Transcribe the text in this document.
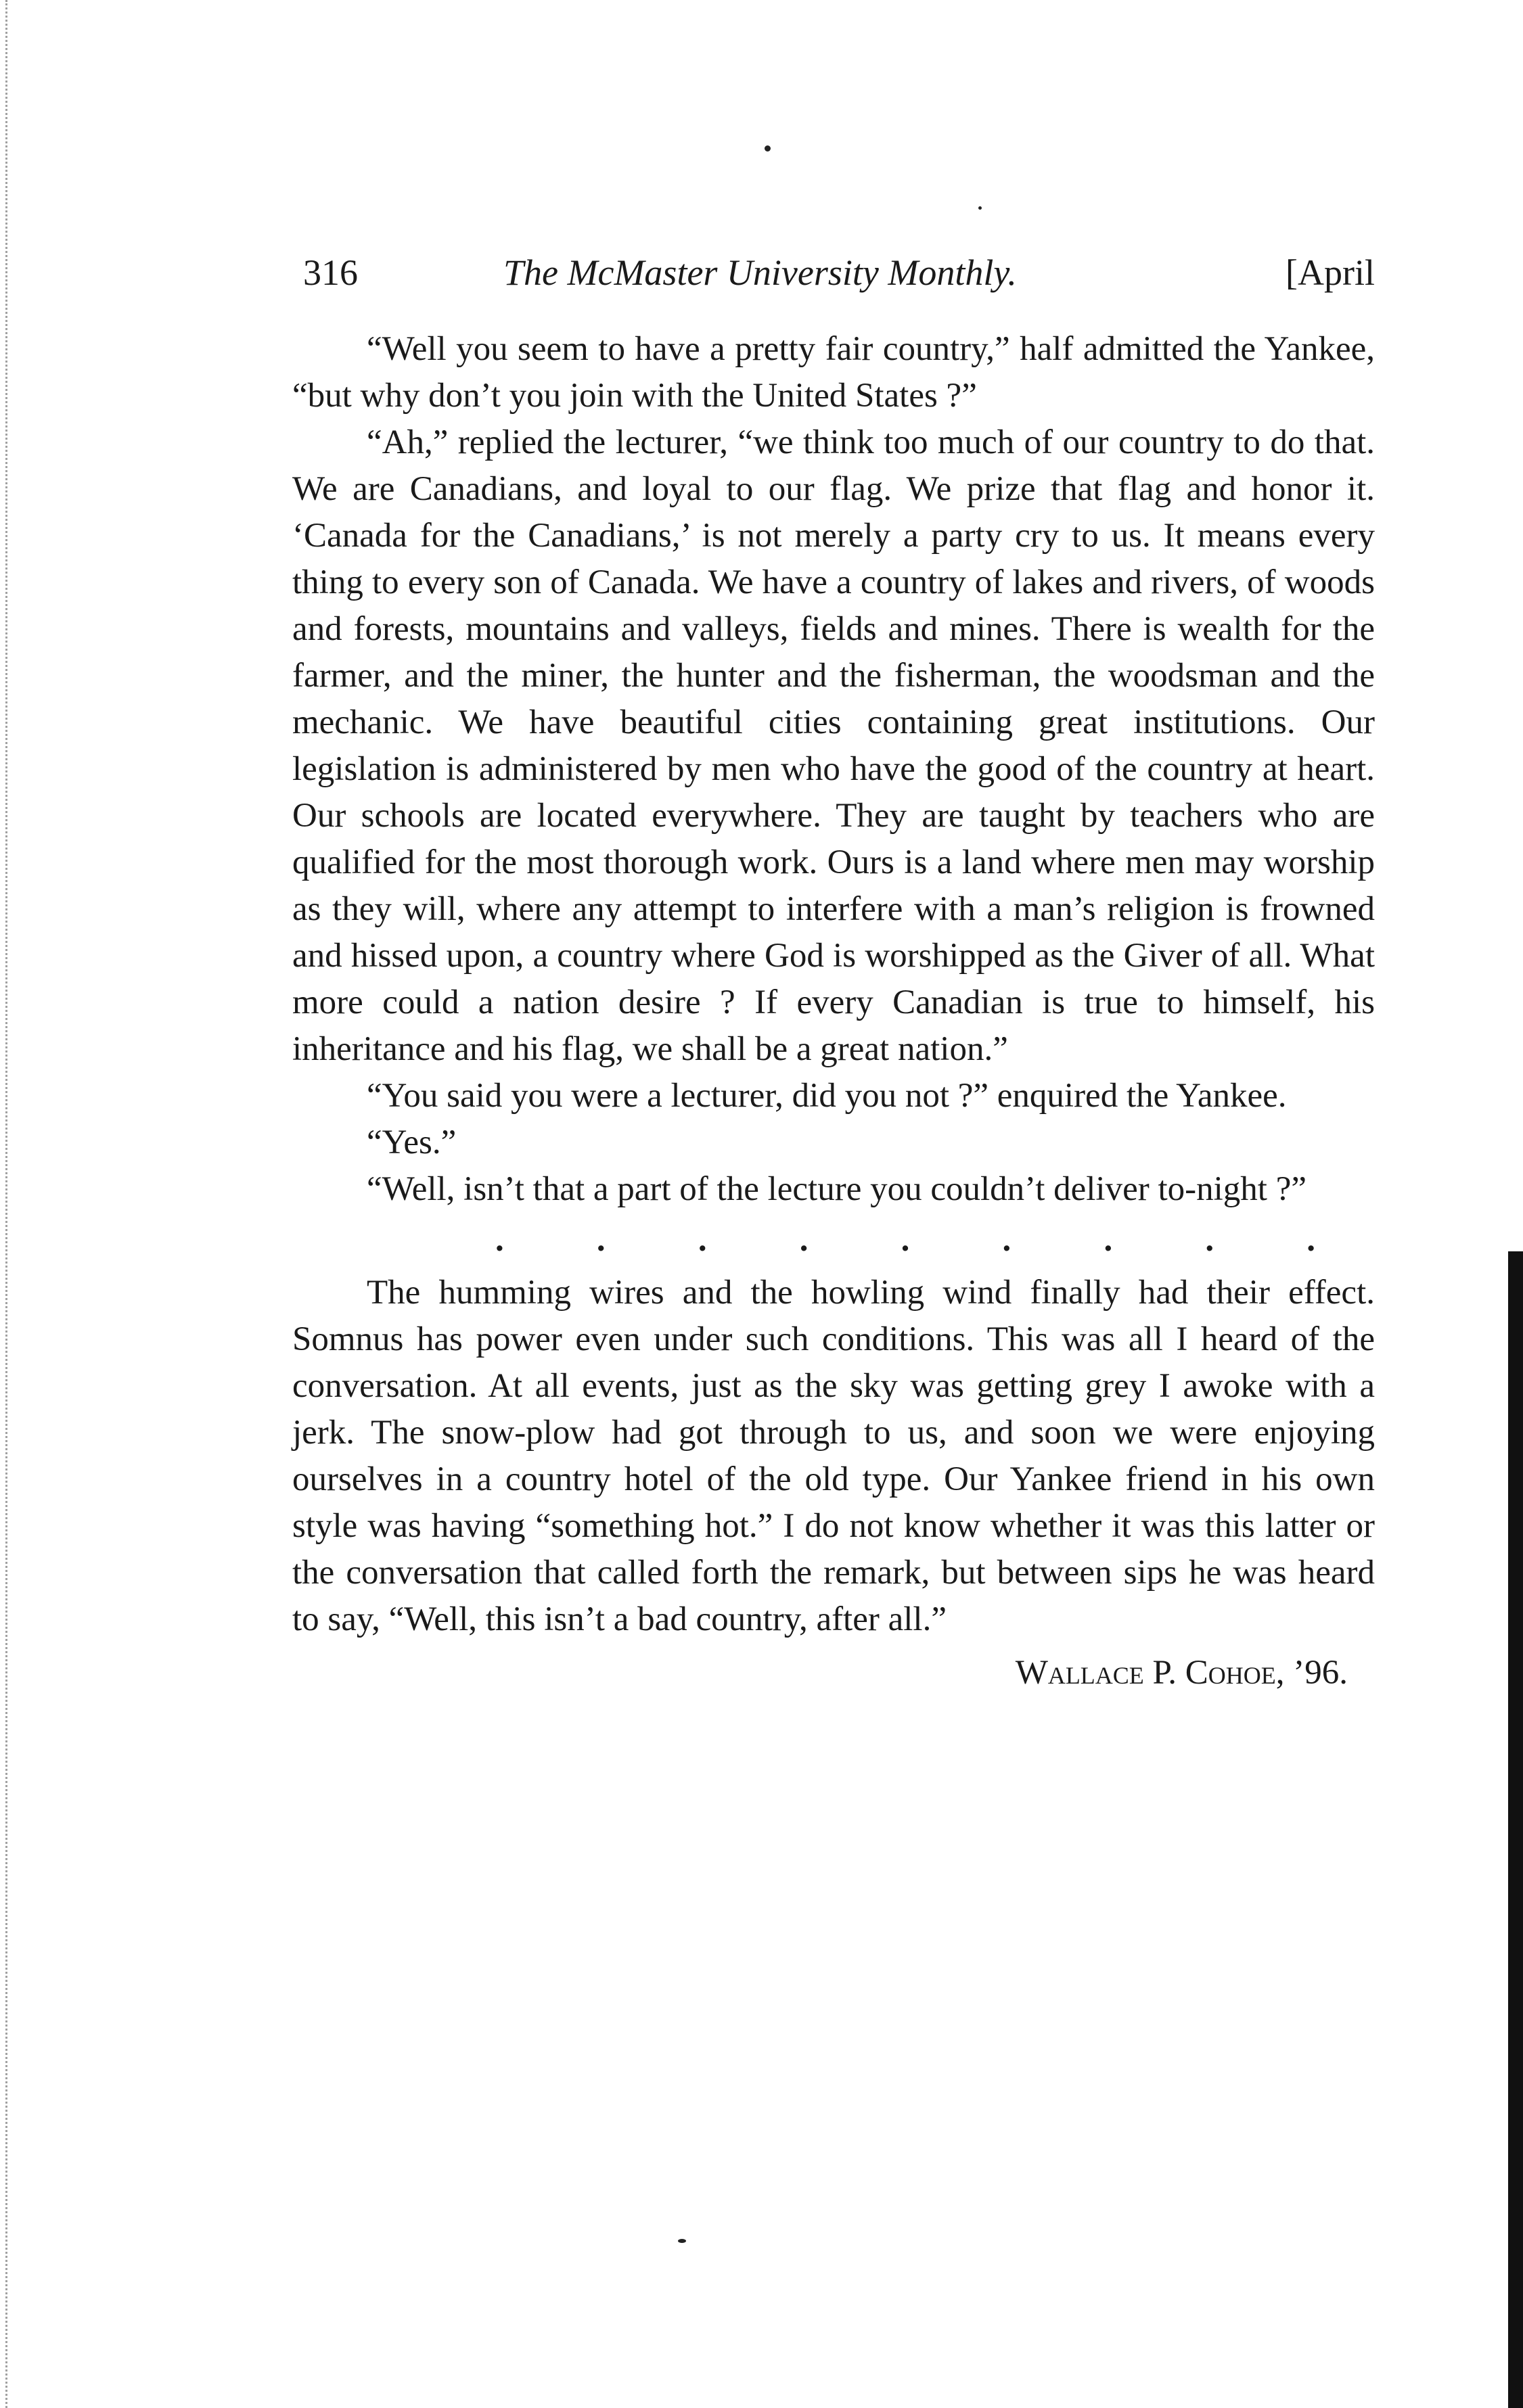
316	The McMaster University Monthly.	[April

“Well you seem to have a pretty fair country,” half admitted the Yankee, “but why don’t you join with the United States ?”

“Ah,” replied the lecturer, “we think too much of our country to do that. We are Canadians, and loyal to our flag. We prize that flag and honor it. ‘Canada for the Canadians,’ is not merely a party cry to us. It means every thing to every son of Canada. We have a country of lakes and rivers, of woods and forests, mountains and valleys, fields and mines. There is wealth for the farmer, and the miner, the hunter and the fisherman, the woodsman and the mechanic. We have beautiful cities containing great institutions. Our legislation is administered by men who have the good of the country at heart. Our schools are located everywhere. They are taught by teachers who are qualified for the most thorough work. Ours is a land where men may worship as they will, where any attempt to interfere with a man’s religion is frowned and hissed upon, a country where God is worshipped as the Giver of all. What more could a nation desire ? If every Canadian is true to himself, his inheritance and his flag, we shall be a great nation.”

“You said you were a lecturer, did you not ?” enquired the Yankee.

“Yes.”

“Well, isn’t that a part of the lecture you couldn’t deliver to-night ?”

.	.	.	.	.	.	.	.	.

The humming wires and the howling wind finally had their effect. Somnus has power even under such conditions. This was all I heard of the conversation. At all events, just as the sky was getting grey I awoke with a jerk. The snow-plow had got through to us, and soon we were enjoying ourselves in a country hotel of the old type. Our Yankee friend in his own style was having “something hot.” I do not know whether it was this latter or the conversation that called forth the remark, but between sips he was heard to say, “Well, this isn’t a bad country, after all.”

Wallace P. Cohoe, ’96.
